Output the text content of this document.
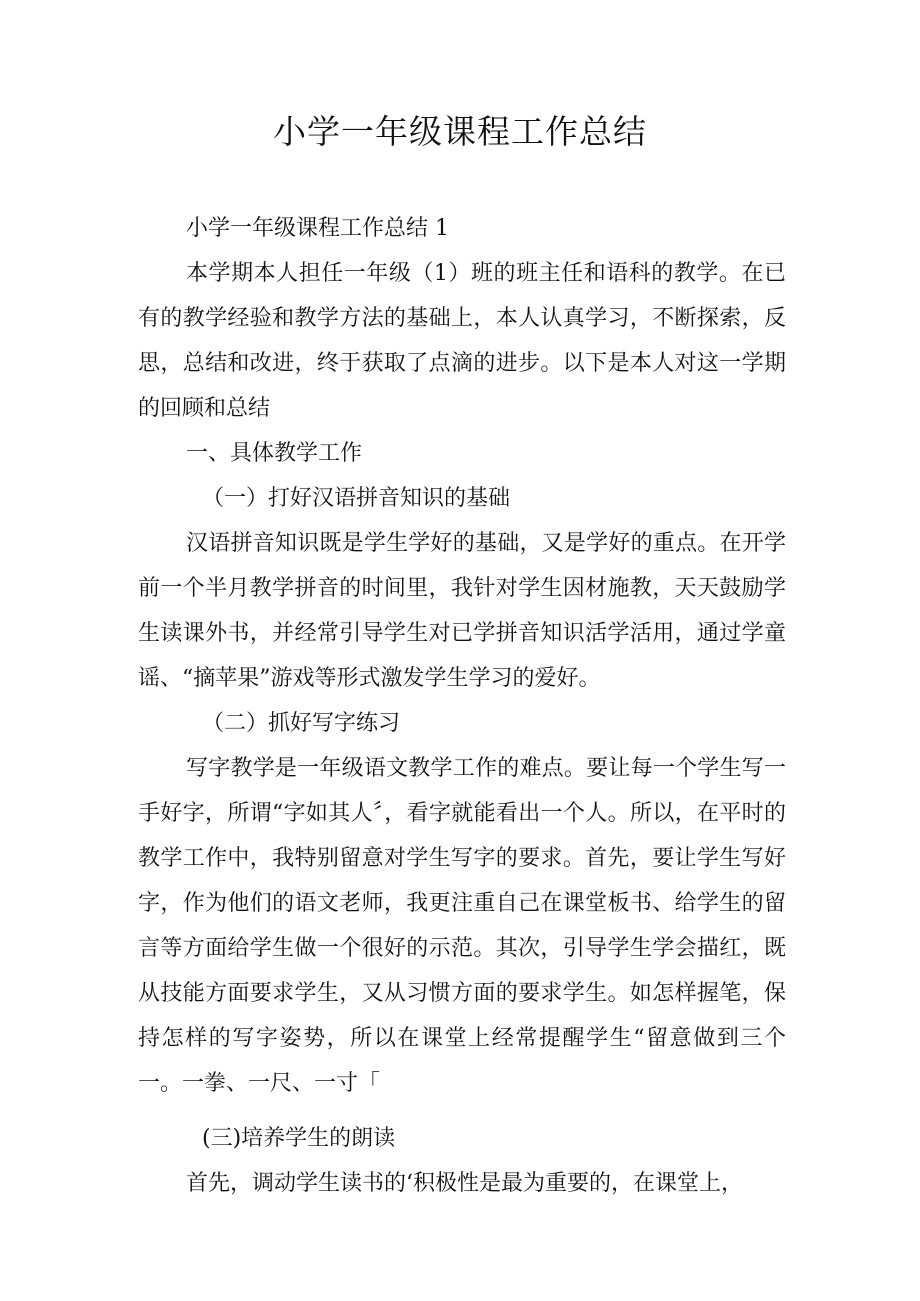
小学一年级课程工作总结

小学一年级课程工作总结 1

本学期本人担任一年级（1）班的班主任和语科的教学。在已有的教学经验和教学方法的基础上，本人认真学习，不断探索，反思，总结和改进，终于获取了点滴的进步。以下是本人对这一学期的回顾和总结

一、具体教学工作

（一）打好汉语拼音知识的基础

汉语拼音知识既是学生学好的基础，又是学好的重点。在开学前一个半月教学拼音的时间里，我针对学生因材施教，天天鼓励学生读课外书，并经常引导学生对已学拼音知识活学活用，通过学童谣、“摘苹果”游戏等形式激发学生学习的爱好。

（二）抓好写字练习

写字教学是一年级语文教学工作的难点。要让每一个学生写一手好字，所谓“字如其人〞，看字就能看出一个人。所以，在平时的教学工作中，我特别留意对学生写字的要求。首先，要让学生写好字，作为他们的语文老师，我更注重自己在课堂板书、给学生的留言等方面给学生做一个很好的示范。其次，引导学生学会描红，既从技能方面要求学生，又从习惯方面的要求学生。如怎样握笔，保持怎样的写字姿势，所以在课堂上经常提醒学生“留意做到三个一。一拳、一尺、一寸「

(三)培养学生的朗读

首先，调动学生读书的‘积极性是最为重要的，在课堂上，
